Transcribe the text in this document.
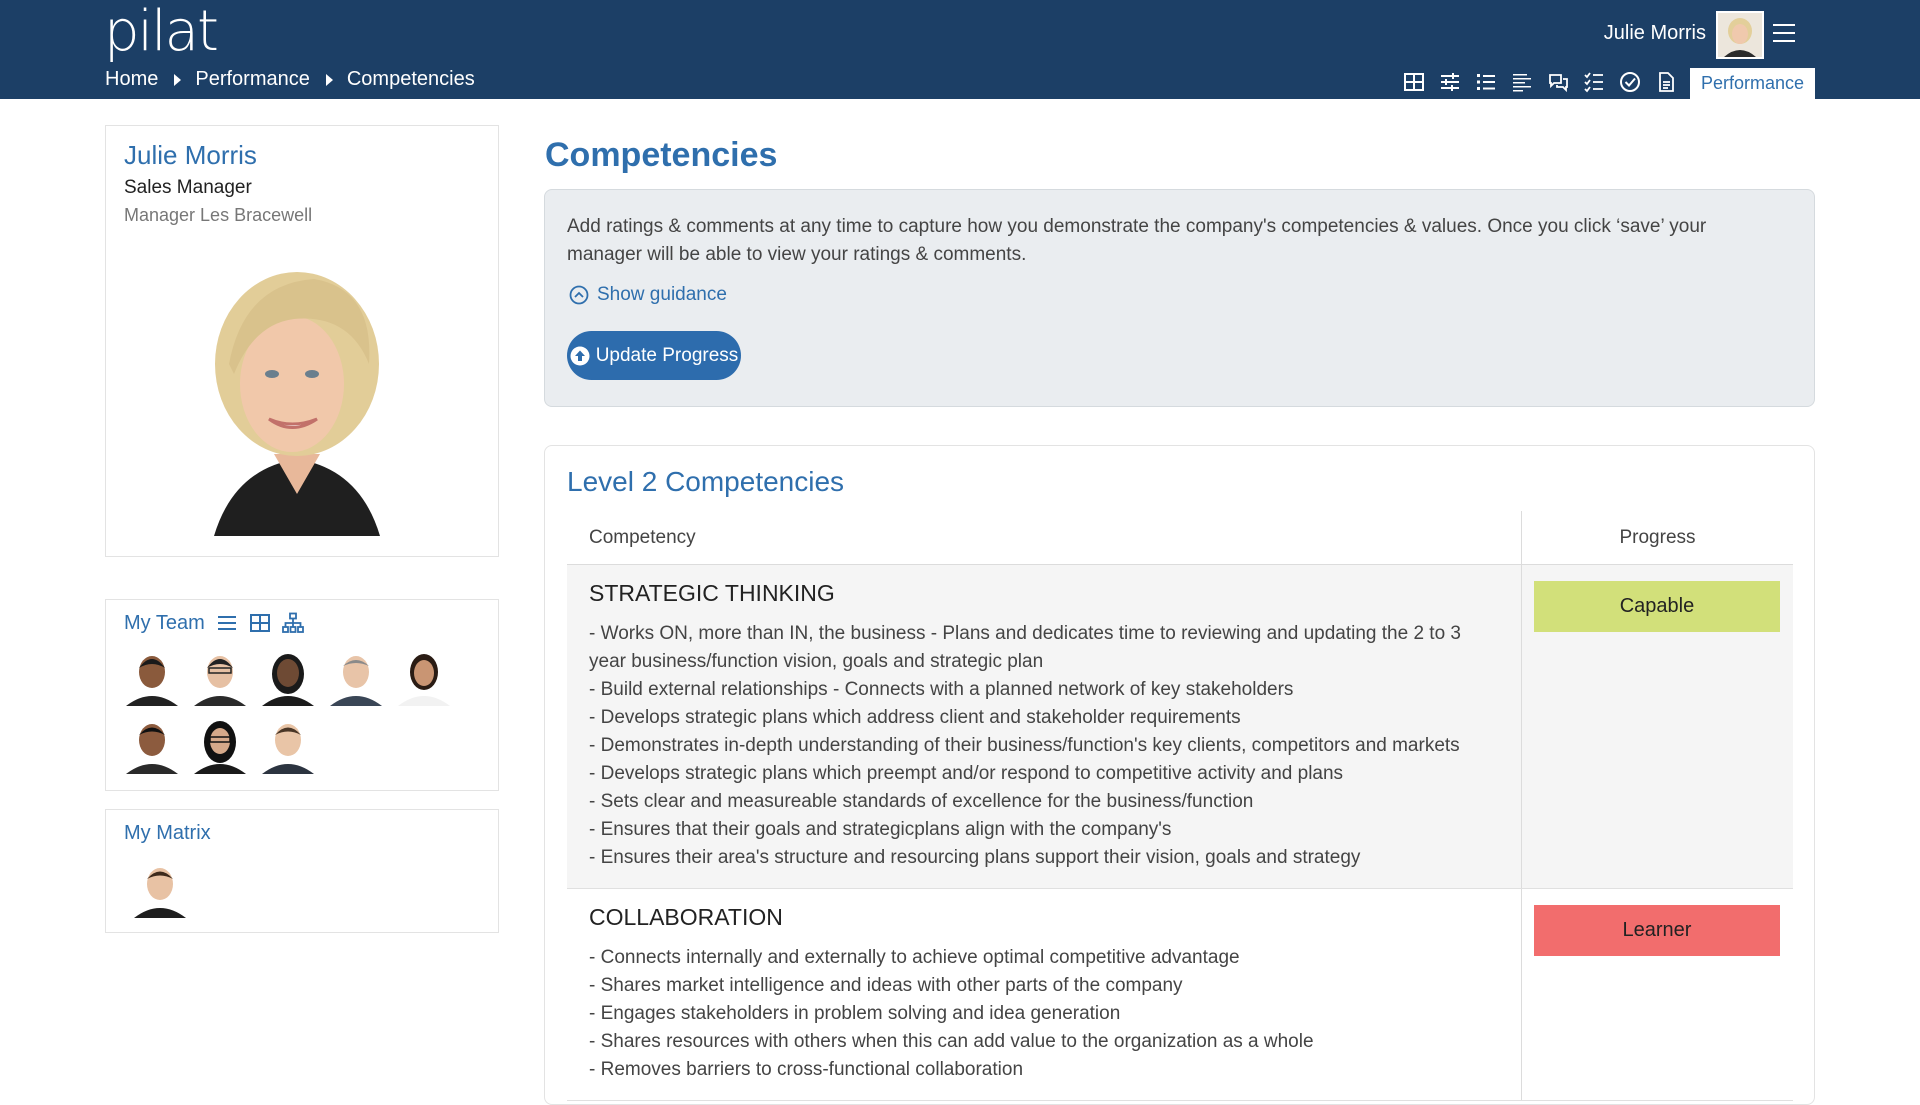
pilat
Home Performance Competencies
Julie Morris
Performance
Julie Morris
Sales Manager
Manager Les Bracewell
My Team
My Matrix
Competencies
Add ratings & comments at any time to capture how you demonstrate the company's competencies & values. Once you click ‘save’ your manager will be able to view your ratings & comments.
Show guidance
Update Progress
Level 2 Competencies
Competency	Progress
STRATEGIC THINKING
- Works ON, more than IN, the business - Plans and dedicates time to reviewing and updating the 2 to 3
year business/function vision, goals and strategic plan
- Build external relationships - Connects with a planned network of key stakeholders
- Develops strategic plans which address client and stakeholder requirements
- Demonstrates in-depth understanding of their business/function's key clients, competitors and markets
- Develops strategic plans which preempt and/or respond to competitive activity and plans
- Sets clear and measureable standards of excellence for the business/function
- Ensures that their goals and strategicplans align with the company's
- Ensures their area's structure and resourcing plans support their vision, goals and strategy
Capable
COLLABORATION
- Connects internally and externally to achieve optimal competitive advantage
- Shares market intelligence and ideas with other parts of the company
- Engages stakeholders in problem solving and idea generation
- Shares resources with others when this can add value to the organization as a whole
- Removes barriers to cross-functional collaboration
Learner
